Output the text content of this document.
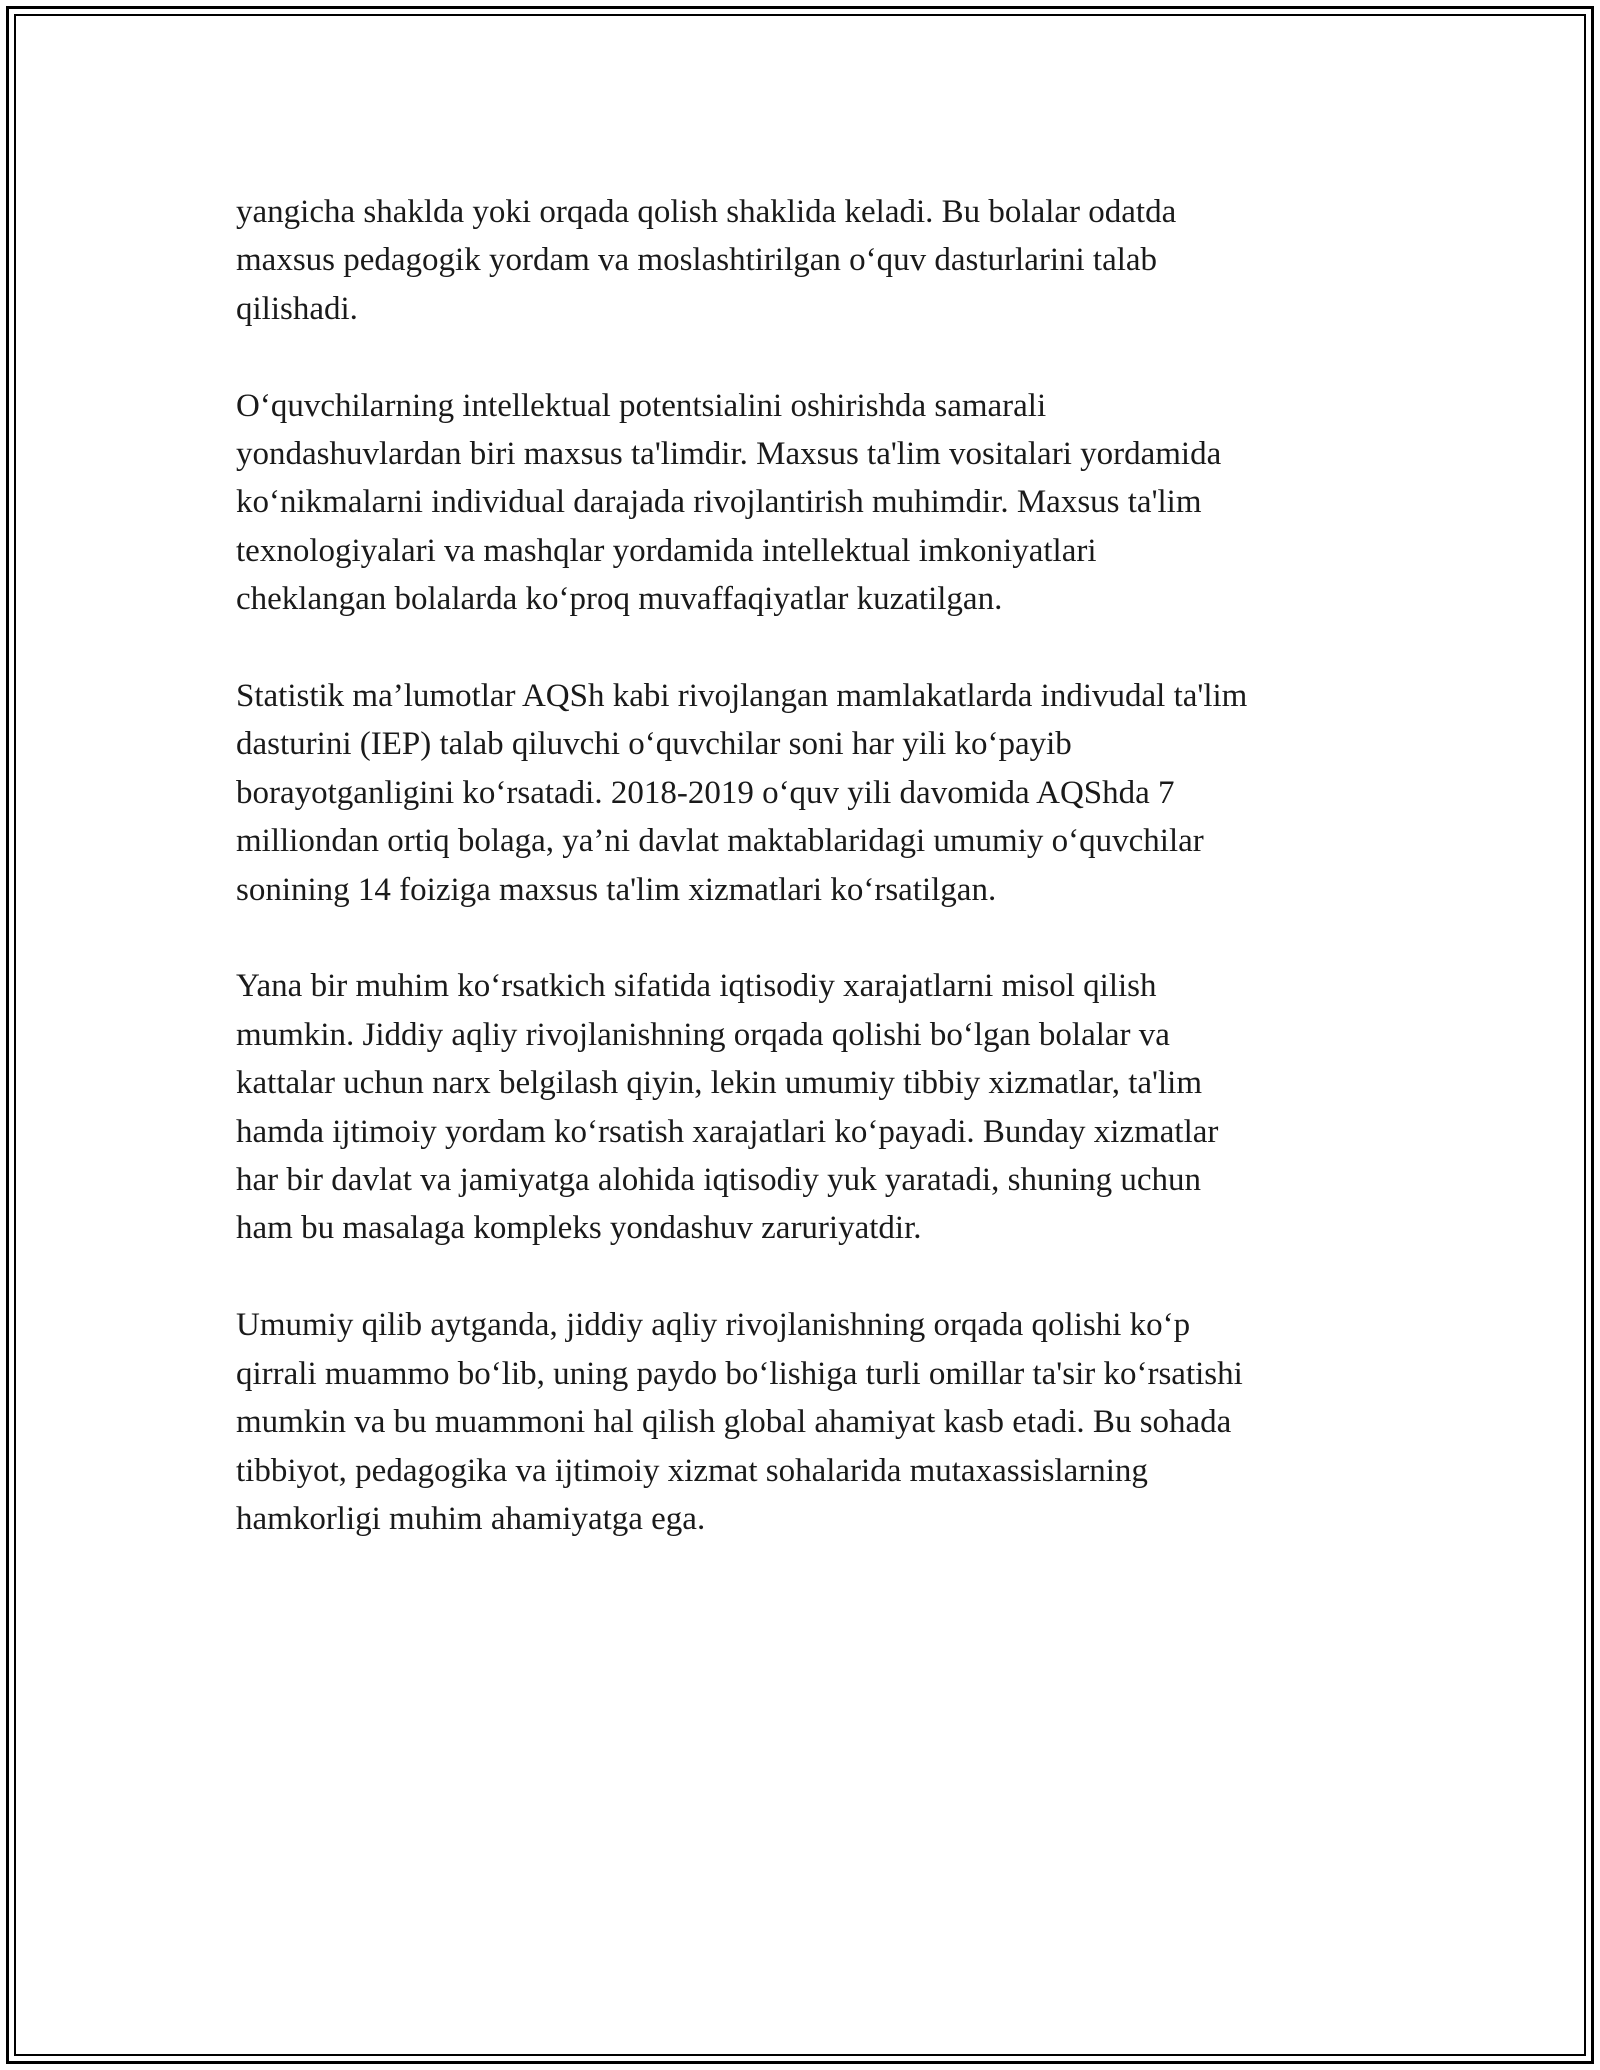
yangicha shaklda yoki orqada qolish shaklida keladi. Bu bolalar odatda
maxsus pedagogik yordam va moslashtirilgan o‘quv dasturlarini talab
qilishadi.

O‘quvchilarning intellektual potentsialini oshirishda samarali
yondashuvlardan biri maxsus ta'limdir. Maxsus ta'lim vositalari yordamida
ko‘nikmalarni individual darajada rivojlantirish muhimdir. Maxsus ta'lim
texnologiyalari va mashqlar yordamida intellektual imkoniyatlari
cheklangan bolalarda ko‘proq muvaffaqiyatlar kuzatilgan.

Statistik ma’lumotlar AQSh kabi rivojlangan mamlakatlarda indivudal ta'lim
dasturini (IEP) talab qiluvchi o‘quvchilar soni har yili ko‘payib
borayotganligini ko‘rsatadi. 2018-2019 o‘quv yili davomida AQShda 7
milliondan ortiq bolaga, ya’ni davlat maktablaridagi umumiy o‘quvchilar
sonining 14 foiziga maxsus ta'lim xizmatlari ko‘rsatilgan.

Yana bir muhim ko‘rsatkich sifatida iqtisodiy xarajatlarni misol qilish
mumkin. Jiddiy aqliy rivojlanishning orqada qolishi bo‘lgan bolalar va
kattalar uchun narx belgilash qiyin, lekin umumiy tibbiy xizmatlar, ta'lim
hamda ijtimoiy yordam ko‘rsatish xarajatlari ko‘payadi. Bunday xizmatlar
har bir davlat va jamiyatga alohida iqtisodiy yuk yaratadi, shuning uchun
ham bu masalaga kompleks yondashuv zaruriyatdir.

Umumiy qilib aytganda, jiddiy aqliy rivojlanishning orqada qolishi ko‘p
qirrali muammo bo‘lib, uning paydo bo‘lishiga turli omillar ta'sir ko‘rsatishi
mumkin va bu muammoni hal qilish global ahamiyat kasb etadi. Bu sohada
tibbiyot, pedagogika va ijtimoiy xizmat sohalarida mutaxassislarning
hamkorligi muhim ahamiyatga ega.
